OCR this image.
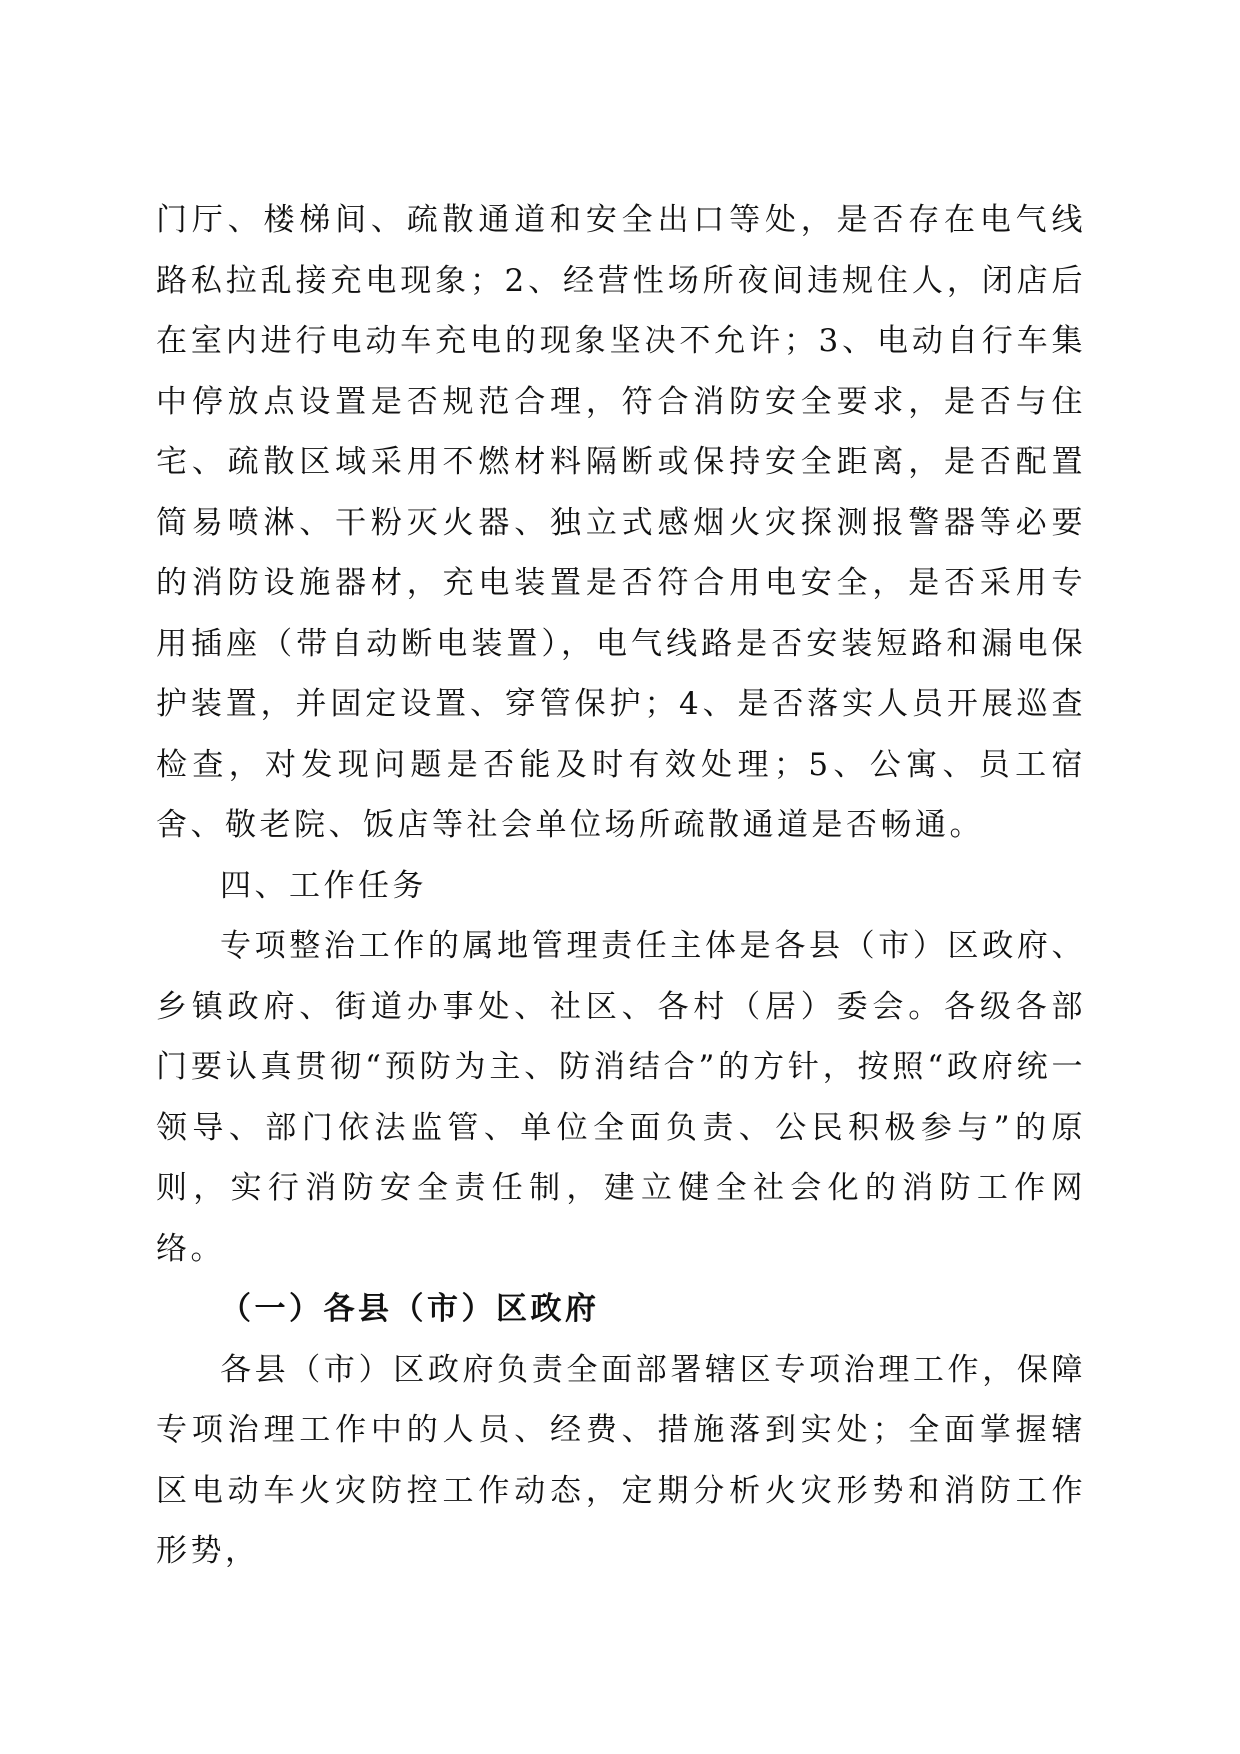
门厅、楼梯间、疏散通道和安全出口等处，是否存在电气线路私拉乱接充电现象；2、经营性场所夜间违规住人，闭店后在室内进行电动车充电的现象坚决不允许；3、电动自行车集中停放点设置是否规范合理，符合消防安全要求，是否与住宅、疏散区域采用不燃材料隔断或保持安全距离，是否配置简易喷淋、干粉灭火器、独立式感烟火灾探测报警器等必要的消防设施器材，充电装置是否符合用电安全，是否采用专用插座（带自动断电装置），电气线路是否安装短路和漏电保护装置，并固定设置、穿管保护；4、是否落实人员开展巡查检查，对发现问题是否能及时有效处理；5、公寓、员工宿舍、敬老院、饭店等社会单位场所疏散通道是否畅通。

四、工作任务

专项整治工作的属地管理责任主体是各县（市）区政府、乡镇政府、街道办事处、社区、各村（居）委会。各级各部门要认真贯彻“预防为主、防消结合”的方针，按照“政府统一领导、部门依法监管、单位全面负责、公民积极参与”的原则，实行消防安全责任制，建立健全社会化的消防工作网络。

（一）各县（市）区政府

各县（市）区政府负责全面部署辖区专项治理工作，保障专项治理工作中的人员、经费、措施落到实处；全面掌握辖区电动车火灾防控工作动态，定期分析火灾形势和消防工作形势，
